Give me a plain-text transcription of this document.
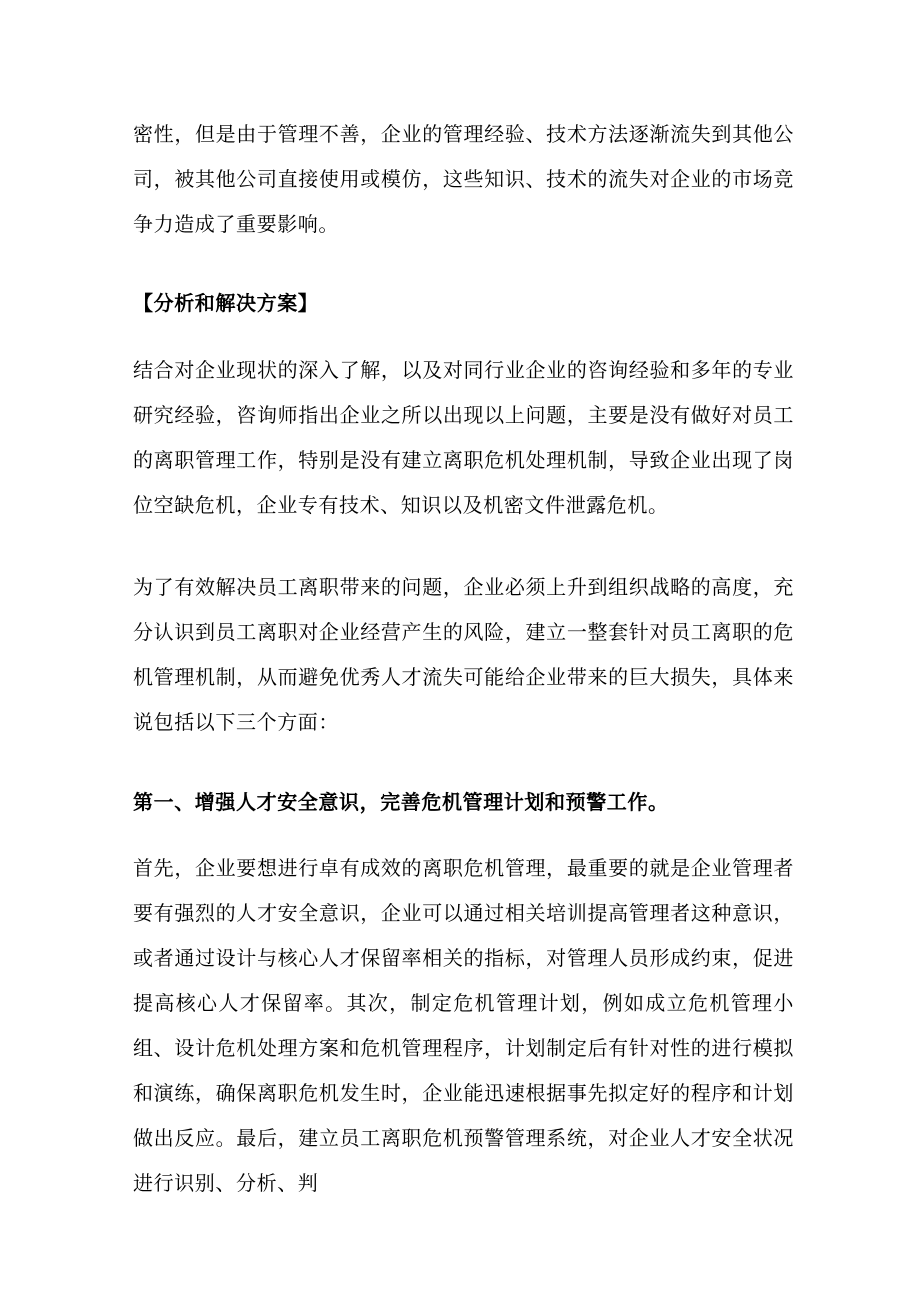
密性，但是由于管理不善，企业的管理经验、技术方法逐渐流失到其他公司，被其他公司直接使用或模仿，这些知识、技术的流失对企业的市场竞争力造成了重要影响。

【分析和解决方案】

结合对企业现状的深入了解，以及对同行业企业的咨询经验和多年的专业研究经验，咨询师指出企业之所以出现以上问题，主要是没有做好对员工的离职管理工作，特别是没有建立离职危机处理机制，导致企业出现了岗位空缺危机，企业专有技术、知识以及机密文件泄露危机。

为了有效解决员工离职带来的问题，企业必须上升到组织战略的高度，充分认识到员工离职对企业经营产生的风险，建立一整套针对员工离职的危机管理机制，从而避免优秀人才流失可能给企业带来的巨大损失，具体来说包括以下三个方面：

第一、增强人才安全意识，完善危机管理计划和预警工作。

首先，企业要想进行卓有成效的离职危机管理，最重要的就是企业管理者要有强烈的人才安全意识，企业可以通过相关培训提高管理者这种意识，或者通过设计与核心人才保留率相关的指标，对管理人员形成约束，促进提高核心人才保留率。其次，制定危机管理计划，例如成立危机管理小组、设计危机处理方案和危机管理程序，计划制定后有针对性的进行模拟和演练，确保离职危机发生时，企业能迅速根据事先拟定好的程序和计划做出反应。最后，建立员工离职危机预警管理系统，对企业人才安全状况进行识别、分析、判
